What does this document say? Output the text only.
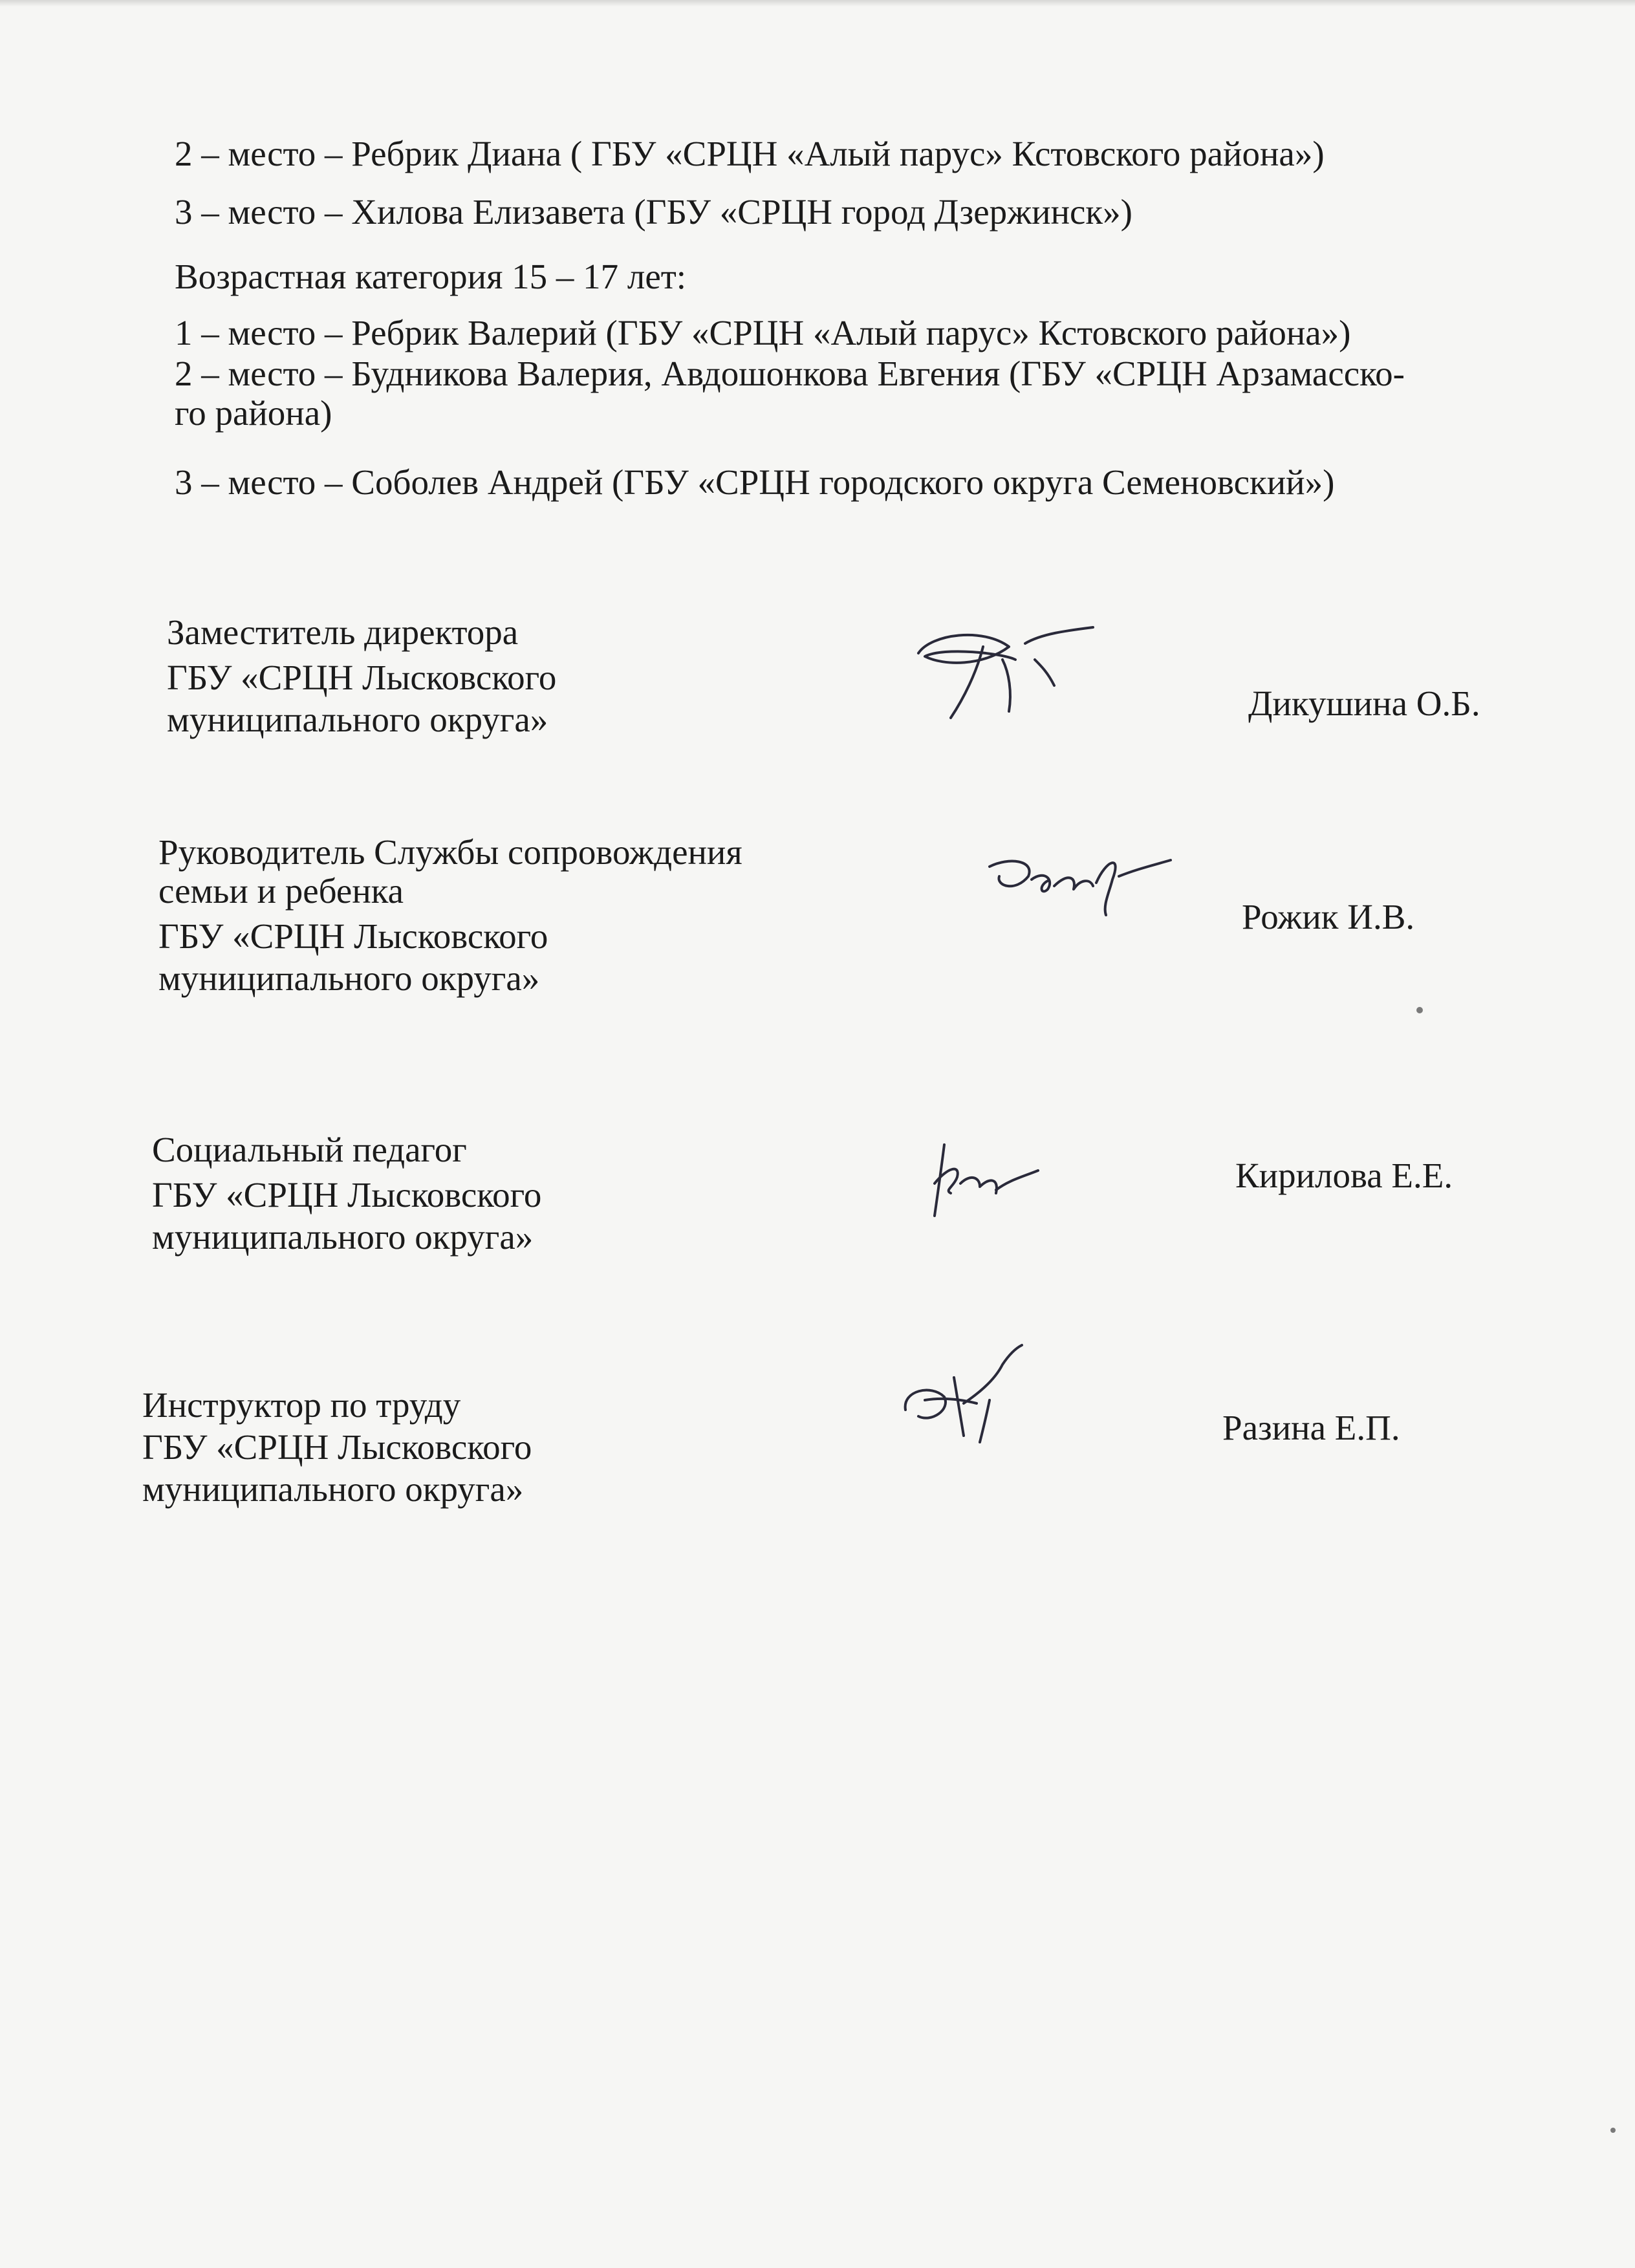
2 – место – Ребрик Диана ( ГБУ «СРЦН «Алый парус» Кстовского района»)
3 – место – Хилова Елизавета (ГБУ «СРЦН город Дзержинск»)
Возрастная категория 15 – 17 лет:
1 – место – Ребрик Валерий (ГБУ «СРЦН «Алый парус» Кстовского района»)
2 – место – Будникова Валерия, Авдошонкова Евгения (ГБУ «СРЦН Арзамасско-
го района)
3 – место – Соболев Андрей (ГБУ «СРЦН городского округа Семеновский»)
Заместитель директора
ГБУ «СРЦН Лысковского
муниципального округа»	Дикушина О.Б.
Руководитель Службы сопровождения
семьи и ребенка
ГБУ «СРЦН Лысковского
муниципального округа»
Рожик И.В.
Социальный педагог
ГБУ «СРЦН Лысковского
муниципального округа»
Кирилова Е.Е.
Инструктор по труду
ГБУ «СРЦН Лысковского
муниципального округа»
Разина Е.П.
